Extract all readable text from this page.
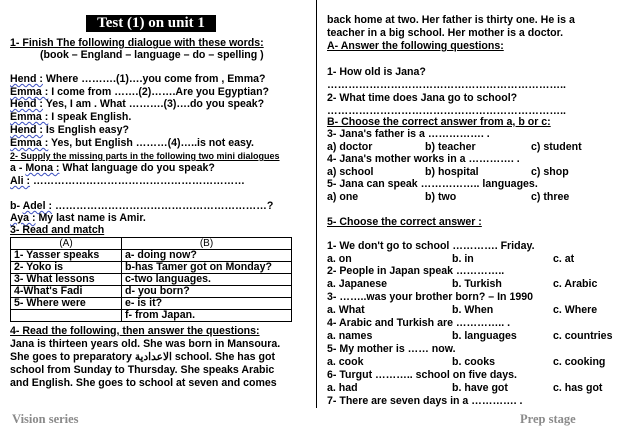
Test (1) on unit 1
1- Finish The following dialogue with these words:
(book – England – language – do – spelling )
Hend : Where ……….(1)….you come from , Emma?
Emma : I come from …….(2)…….Are you Egyptian?
Hend : Yes, I am . What ……….(3)….do you speak?
Emma : I speak English.
Hend : Is English easy?
Emma : Yes, but English ………(4)…..is not easy.
2- Supply the missing parts in the following two mini dialogues
a - Mona : What language do you speak?
Ali : ……………………………………………………
b- Adel : ……………………………………………………?
Aya : My last name is Amir.
3- Read and match
(A)	(B)
1- Yasser speaks	a- doing now?
2- Yoko is	b-has Tamer got on Monday?
3- What lessons	c-two languages.
4-What's Fadi	d- you born?
5- Where were	e- is it?
	f- from Japan.
4- Read the following, then answer the questions:
Jana is thirteen years old. She was born in Mansoura.
She goes to preparatory الاعدادية school. She has got
school from Sunday to Thursday. She speaks Arabic
and English. She goes to school at seven and comes
back home at two. Her father is thirty one. He is a
teacher in a big school. Her mother is a doctor.
A- Answer the following questions:
1- How old is Jana?
…………………………………………………………..
2- What time does Jana go to school?
…………………………………………………………..
B- Choose the correct answer from a, b or c:
3- Jana's father is a ……………. .
a) doctor	b) teacher	c) student
4- Jana's mother works in a …………. .
a) school	b) hospital	c) shop
5- Jana can speak …………….. languages.
a) one	b) two	c) three
5- Choose the correct answer :
1- We don't go to school …………. Friday.
a. on	b. in	c. at
2- People in Japan speak …………..
a. Japanese	b. Turkish	c. Arabic
3- ……..was your brother born? – In 1990
a. What	b. When	c. Where
4- Arabic and Turkish are ………….. .
a. names	b. languages	c. countries
5- My mother is …… now.
a. cook	b. cooks	c. cooking
6- Turgut ……….. school on five days.
a. had	b. have got	c. has got
7- There are seven days in a …………. .
Vision series	Prep stage
